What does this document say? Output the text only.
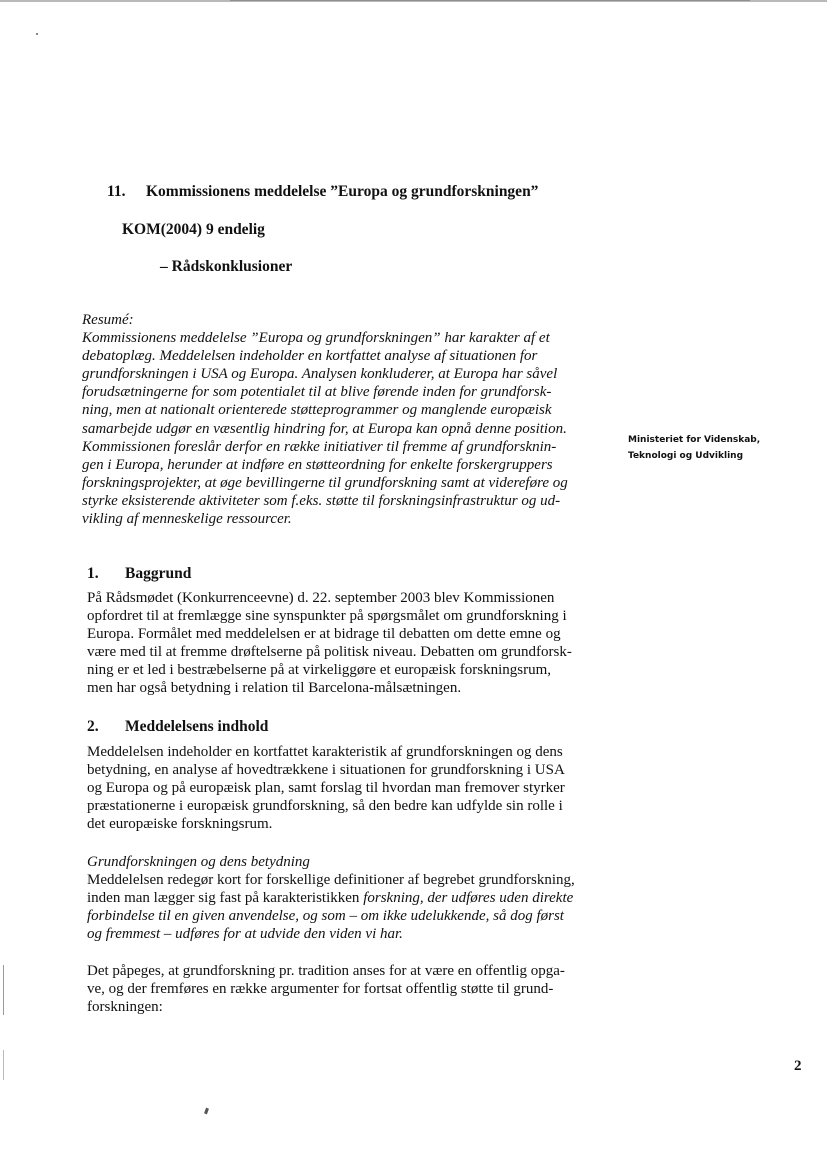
11. Kommissionens meddelelse ”Europa og grundforskningen”
KOM(2004) 9 endelig
– Rådskonklusioner
Resumé:
Kommissionens meddelelse ”Europa og grundforskningen” har karakter af et
debatoplæg. Meddelelsen indeholder en kortfattet analyse af situationen for
grundforskningen i USA og Europa. Analysen konkluderer, at Europa har såvel
forudsætningerne for som potentialet til at blive førende inden for grundforsk-
ning, men at nationalt orienterede støtteprogrammer og manglende europæisk
samarbejde udgør en væsentlig hindring for, at Europa kan opnå denne position.
Kommissionen foreslår derfor en række initiativer til fremme af grundforsknin-
gen i Europa, herunder at indføre en støtteordning for enkelte forskergruppers
forskningsprojekter, at øge bevillingerne til grundforskning samt at videreføre og
styrke eksisterende aktiviteter som f.eks. støtte til forskningsinfrastruktur og ud-
vikling af menneskelige ressourcer.
Ministeriet for Videnskab,
Teknologi og Udvikling
1. Baggrund
På Rådsmødet (Konkurrenceevne) d. 22. september 2003 blev Kommissionen
opfordret til at fremlægge sine synspunkter på spørgsmålet om grundforskning i
Europa. Formålet med meddelelsen er at bidrage til debatten om dette emne og
være med til at fremme drøftelserne på politisk niveau. Debatten om grundforsk-
ning er et led i bestræbelserne på at virkeliggøre et europæisk forskningsrum,
men har også betydning i relation til Barcelona-målsætningen.
2. Meddelelsens indhold
Meddelelsen indeholder en kortfattet karakteristik af grundforskningen og dens
betydning, en analyse af hovedtrækkene i situationen for grundforskning i USA
og Europa og på europæisk plan, samt forslag til hvordan man fremover styrker
præstationerne i europæisk grundforskning, så den bedre kan udfylde sin rolle i
det europæiske forskningsrum.
Grundforskningen og dens betydning
Meddelelsen redegør kort for forskellige definitioner af begrebet grundforskning,
inden man lægger sig fast på karakteristikken forskning, der udføres uden direkte
forbindelse til en given anvendelse, og som – om ikke udelukkende, så dog først
og fremmest – udføres for at udvide den viden vi har.
Det påpeges, at grundforskning pr. tradition anses for at være en offentlig opga-
ve, og der fremføres en række argumenter for fortsat offentlig støtte til grund-
forskningen:
2
